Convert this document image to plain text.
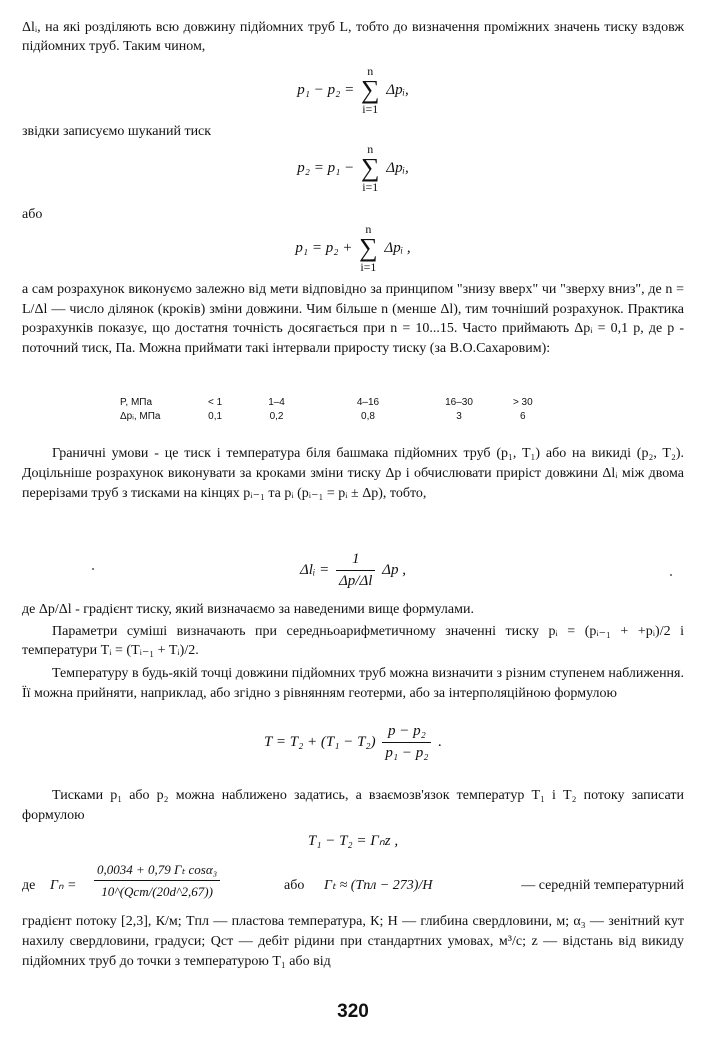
Δlᵢ, на які розділяють всю довжину підйомних труб L, тобто до визначення проміжних значень тиску вздовж підйомних труб. Таким чином,

p₁ − p₂ =
n
∑
i=1
Δpᵢ,

звідки записуємо шуканий тиск

p₂ = p₁ −
n
∑
i=1
Δpᵢ,

або

p₁ = p₂ +
n
∑
i=1
Δpᵢ ,

а сам розрахунок виконуємо залежно від мети відповідно за принципом "знизу вверх" чи "зверху вниз", де n = L/Δl — число ділянок (кроків) зміни довжини. Чим більше n (менше Δl), тим точніший розрахунок. Практика розрахунків показує, що достатня точність досягається при n = 10...15. Часто приймають Δpᵢ = 0,1 p, де p - поточний тиск, Па. Можна приймати такі інтервали приросту тиску (за В.О.Сахаровим):

P, МПа	< 1	1–4	4–16	16–30	> 30
Δpᵢ, МПа	0,1	0,2	0,8	3	6

Граничні умови - це тиск і температура біля башмака підйомних труб (p₁, T₁) або на викиді (p₂, T₂). Доцільніше розрахунок виконувати за кроками зміни тиску Δp і обчислювати приріст довжини Δlᵢ між двома перерізами труб з тисками на кінцях pᵢ₋₁ та pᵢ (pᵢ₋₁ = pᵢ ± Δp), тобто,

Δlᵢ = $\frac{1}{\Delta p/\Delta l}$ Δp ,

де Δp/Δl - градієнт тиску, який визначаємо за наведеними вище формулами.

Параметри суміші визначають при середньоарифметичному значенні тиску pᵢ = (pᵢ₋₁ + +pᵢ)/2 і температури Tᵢ = (Tᵢ₋₁ + Tᵢ)/2.

Температуру в будь-якій точці довжини підйомних труб можна визначити з різним ступенем наближення. Її можна прийняти, наприклад, або згідно з рівнянням геотерми, або за інтерполяційною формулою

$T = T_2 + (T_1 - T_2) \frac{\text{p − p₂}}{\text{p₁ − p₂}}$ .

Тисками p₁ або p₂ можна наближено задатись, а взаємозв'язок температур T₁ і T₂ потоку записати формулою

T₁ − T₂ = Гₙz ,
де Гₙ =
0,0034 + 0,79 Гₜ cosα₃
10^(Qст/(20d^2,67))	або Гₜ ≈ (Tпл − 273)/H	— середній температурний

градієнт потоку [2,3], К/м; Tпл — пластова температура, К; H — глибина свердловини, м; α₃ — зенітний кут нахилу свердловини, градуси; Qст — дебіт рідини при стандартних умовах, м³/с; z — відстань від викиду підйомних труб до точки з температурою T₁ або від

320
